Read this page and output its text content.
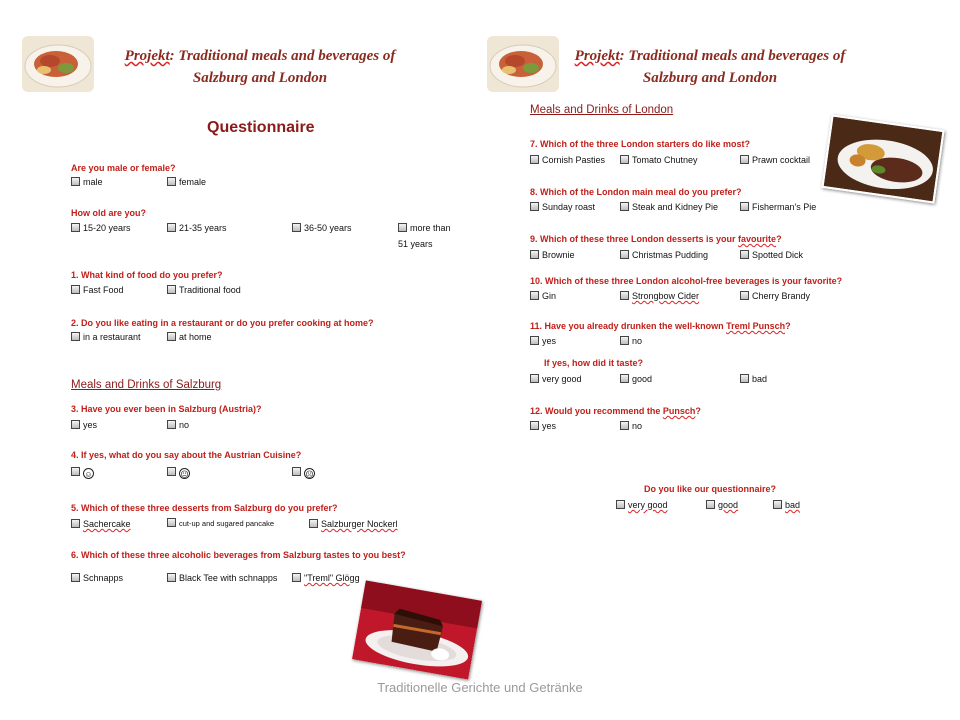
Projekt: Traditional meals and beverages of
Salzburg and London
Projekt: Traditional meals and beverages of
Salzburg and London
Questionnaire
Are you male or female?
male	female
How old are you?
15-20 years	21-35 years	36-50 years	more than
51 years
1. What kind of food do you prefer?
Fast Food	Traditional food
2. Do you like eating in a restaurant or do you prefer cooking at home?
in a restaurant	at home
Meals and Drinks of Salzburg
3. Have you ever been in Salzburg (Austria)?
yes	no
4. If yes, what do you say about the Austrian Cuisine?
☺	😐	☹
5. Which of these three desserts from Salzburg do you prefer?
Sachercake	cut-up and sugared pancake	Salzburger Nockerl
6. Which of these three alcoholic beverages from Salzburg tastes to you best?
Schnapps	Black Tee with schnapps	"Treml" Glögg
Meals and Drinks of London
7. Which of the three London starters do like most?
Cornish Pasties	Tomato Chutney	Prawn cocktail
8. Which of the London main meal do you prefer?
Sunday roast	Steak and Kidney Pie	Fisherman's Pie
9. Which of these three London desserts is your favourite?
Brownie	Christmas Pudding	Spotted Dick
10. Which of these three London alcohol-free beverages is your favorite?
Gin	Strongbow Cider	Cherry Brandy
11. Have you already drunken the well-known Treml Punsch?
yes	no
If yes, how did it taste?
very good	good	bad
12. Would you recommend the Punsch?
yes	no
Do you like our questionnaire?
very good	good	bad
Traditionelle Gerichte und Getränke
